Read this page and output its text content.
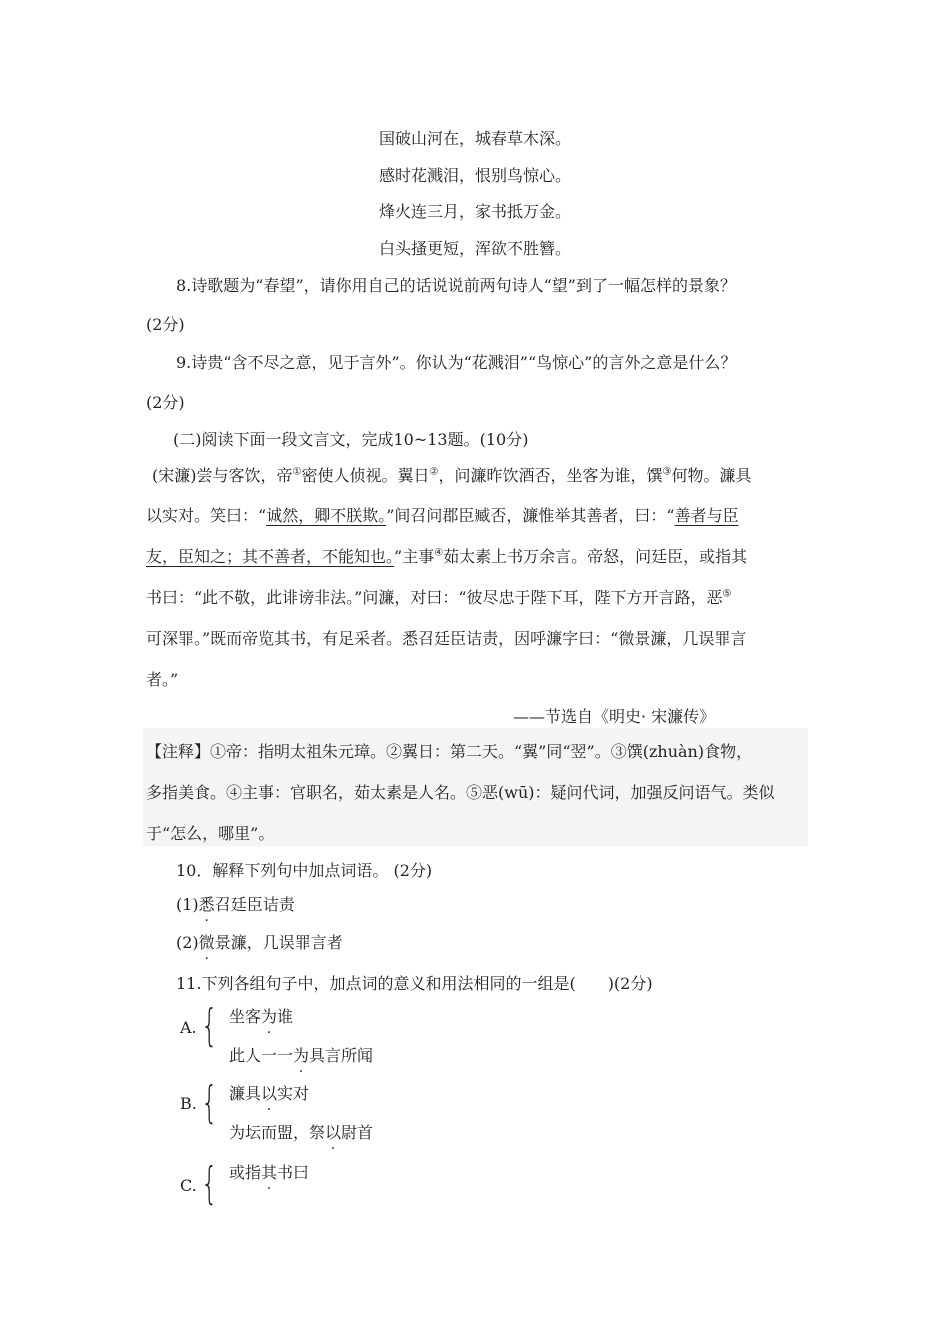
国破山河在，城春草木深。
感时花溅泪，恨别鸟惊心。
烽火连三月，家书抵万金。
白头搔更短，浑欲不胜簪。
8.诗歌题为“春望”，请你用自己的话说说前两句诗人“望”到了一幅怎样的景象？
(2分)
9.诗贵“含不尽之意，见于言外”。你认为“花溅泪”“鸟惊心”的言外之意是什么？
(2分)
(二)阅读下面一段文言文，完成10~13题。(10分)
(宋濂)尝与客饮，帝①密使人侦视。翼日②，问濂昨饮酒否，坐客为谁，馔③何物。濂具
以实对。笑曰：“诚然，卿不朕欺。”间召问郡臣臧否，濂惟举其善者，曰：“善者与臣
友，臣知之；其不善者，不能知也。”主事④茹太素上书万余言。帝怒，问廷臣，或指其
书曰：“此不敬，此诽谤非法。”问濂，对曰：“彼尽忠于陛下耳，陛下方开言路，恶⑤
可深罪。”既而帝览其书，有足采者。悉召廷臣诘责，因呼濂字曰：“微景濂，几误罪言
者。”
——节选自《明史· 宋濂传》
【注释】①帝：指明太祖朱元璋。②翼日：第二天。“翼”同“翌”。③馔(zhuàn)食物，
多指美食。④主事：官职名，茹太素是人名。⑤恶(wū)：疑问代词，加强反问语气。类似
于“怎么，哪里”。
10．解释下列句中加点词语。 (2分)
(1)悉召廷臣诘责
(2)微景濂，几误罪言者
11.下列各组句子中，加点词的意义和用法相同的一组是(　　)(2分)
A. { 坐客为谁
此人一一为具言所闻
B. { 濂具以实对
为坛而盟，祭以尉首
C. { 或指其书曰
